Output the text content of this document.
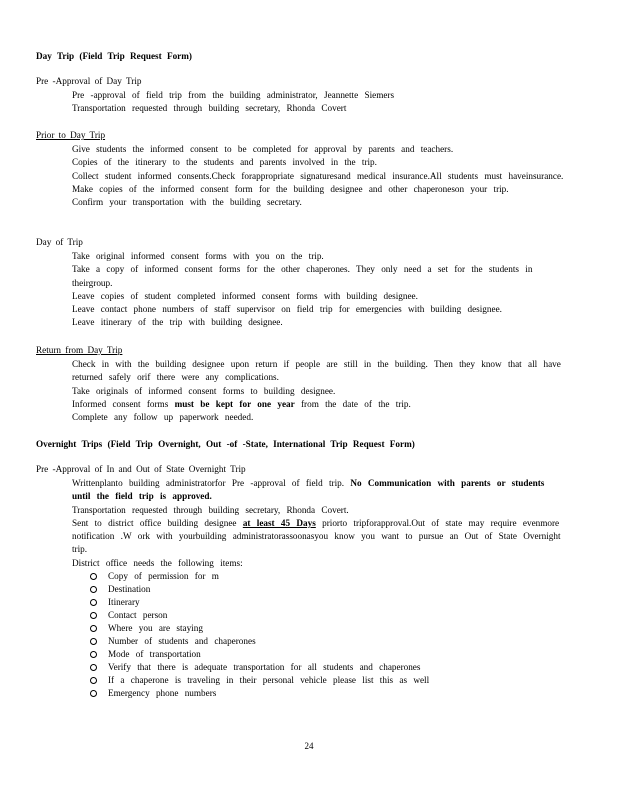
Day Trip (Field Trip Request Form)
Pre -Approval of Day Trip
Pre -approval of field trip from the building administrator, Jeannette Siemers
Transportation requested through building secretary, Rhonda Covert
Prior to Day Trip
Give students the informed consent to be completed for approval by parents and teachers.
Copies of the itinerary to the students and parents involved in the trip.
Collect student informed consents.Check forappropriate signaturesand medical insurance.All students must haveinsurance. Make copies of the informed consent form for the building designee and other chaperoneson your trip.
Confirm your transportation with the building secretary.
Day of Trip
Take original informed consent forms with you on the trip.
Take a copy of informed consent forms for the other chaperones. They only need a set for the students in theirgroup.
Leave copies of student completed informed consent forms with building designee.
Leave contact phone numbers of staff supervisor on field trip for emergencies with building designee.
Leave itinerary of the trip with building designee.
Return from Day Trip
Check in with the building designee upon return if people are still in the building. Then they know that all have returned safely orif there were any complications.
Take originals of informed consent forms to building designee.
Informed consent forms must be kept for one year from the date of the trip.
Complete any follow up paperwork needed.
Overnight Trips (Field Trip Overnight, Out -of -State, International Trip Request Form)
Pre -Approval of In and Out of State Overnight Trip
Writtenplanto building administratorfor Pre -approval of field trip. No Communication with parents or students until the field trip is approved.
Transportation requested through building secretary, Rhonda Covert.
Sent to district office building designee at least 45 Days priorto tripforapproval.Out of state may require evenmore notification .W ork with yourbuilding administratorassoonasyou know you want to pursue an Out of State Overnight trip.
District office needs the following items:
Copy of permission for m
Destination
Itinerary
Contact person
Where you are staying
Number of students and chaperones
Mode of transportation
Verify that there is adequate transportation for all students and chaperones
If a chaperone is traveling in their personal vehicle please list this as well
Emergency phone numbers
24
